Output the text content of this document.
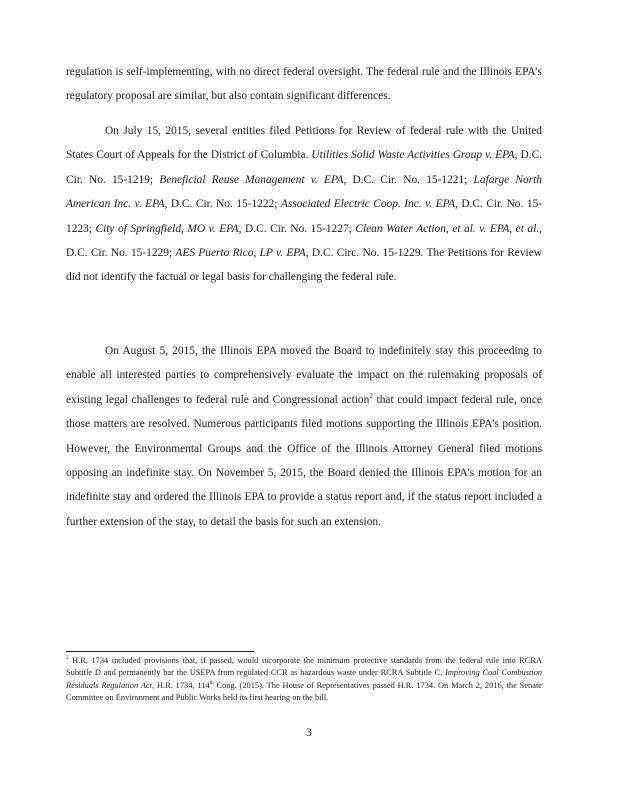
regulation is self-implementing, with no direct federal oversight. The federal rule and the Illinois EPA’s regulatory proposal are similar, but also contain significant differences.

On July 15, 2015, several entities filed Petitions for Review of federal rule with the United States Court of Appeals for the District of Columbia. Utilities Solid Waste Activities Group v. EPA, D.C. Cir. No. 15-1219; Beneficial Reuse Management v. EPA, D.C. Cir. No. 15-1221; Lafarge North American Inc. v. EPA, D.C. Cir. No. 15-1222; Associated Electric Coop. Inc. v. EPA, D.C. Cir. No. 15-1223; City of Springfield, MO v. EPA, D.C. Cir. No. 15-1227; Clean Water Action, et al. v. EPA, et al., D.C. Cir. No. 15-1229; AES Puerto Rico, LP v. EPA, D.C. Circ. No. 15-1229. The Petitions for Review did not identify the factual or legal basis for challenging the federal rule.

On August 5, 2015, the Illinois EPA moved the Board to indefinitely stay this proceeding to enable all interested parties to comprehensively evaluate the impact on the rulemaking proposals of existing legal challenges to federal rule and Congressional action$^2$ that could impact federal rule, once those matters are resolved. Numerous participants filed motions supporting the Illinois EPA’s position. However, the Environmental Groups and the Office of the Illinois Attorney General filed motions opposing an indefinite stay. On November 5, 2015, the Board denied the Illinois EPA’s motion for an indefinite stay and ordered the Illinois EPA to provide a status report and, if the status report included a further extension of the stay, to detail the basis for such an extension.

$^2$ H.R. 1734 included provisions that, if passed, would incorporate the minimum protective standards from the federal rule into RCRA Subtitle D and permanently bar the USEPA from regulated CCR as hazardous waste under RCRA Subtitle C. Improving Coal Combustion Residuals Regulation Act, H.R. 1734, 114th Cong. (2015). The House of Representatives passed H.R. 1734. On March 2, 2016, the Senate Committee on Environment and Public Works held its first hearing on the bill.

3
